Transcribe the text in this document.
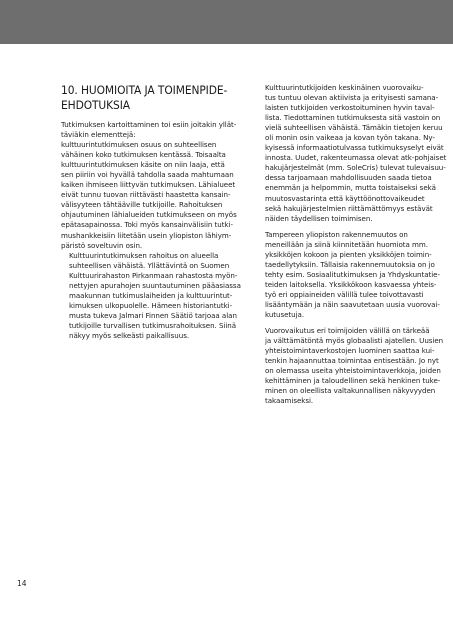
10. HUOMIOITA JA TOIMENPIDE-
EHDOTUKSIA

Tutkimuksen kartoittaminen toi esiin joitakin yllät-
täviäkin elementtejä:

kulttuurintutkimuksen osuus on suhteellisen
vähäinen koko tutkimuksen kentässä. Toisaalta
kulttuurintutkimuksen käsite on niin laaja, että
sen piiriin voi hyvällä tahdolla saada mahtumaan
kaiken ihmiseen liittyvän tutkimuksen. Lähialueet
eivät tunnu tuovan riittävästi haastetta kansain-
välisyyteen tähtääville tutkijoille. Rahoituksen
ohjautuminen lähialueiden tutkimukseen on myös
epätasapainossa. Toki myös kansainvälisiin tutki-
mushankkeisiin liitetään usein yliopiston lähiym-
päristö soveltuvin osin.

Kulttuurintutkimuksen rahoitus on alueella
suhteellisen vähäistä. Yllättävintä on Suomen
Kulttuurirahaston Pirkanmaan rahastosta myön-
nettyjen apurahojen suuntautuminen pääasiassa
maakunnan tutkimuslaiheiden ja kulttuurintut-
kimuksen ulkopuolelle. Hämeen historiantutki-
musta tukeva Jalmari Finnen Säätiö tarjoaa alan
tutkijoille turvallisen tutkimusrahoituksen. Siinä
näkyy myös selkeästi paikallisuus.

Kulttuurintutkijoiden keskinäinen vuorovaiku-
tus tuntuu olevan aktiivista ja erityisesti samana-
laisten tutkijoiden verkostoituminen hyvin taval-
lista. Tiedottaminen tutkimuksesta sitä vastoin on
vielä suhteellisen vähäistä. Tämäkin tietojen keruu
oli monin osin vaikeaa ja kovan työn takana. Ny-
kyisessä informaatiotulvassa tutkimuksyselyt eivät
innosta. Uudet, rakenteumassa olevat atk-pohjaiset
hakujärjestelmät (mm. SoleCris) tulevat tulevaisuu-
dessa tarjoamaan mahdollisuuden saada tietoa
enemmän ja helpommin, mutta toistaiseksi sekä
muutosvastarinta että käyttöönottovaikeudet
sekä hakujärjestelmien riittämättömyys estävät
näiden täydellisen toimimisen.

Tampereen yliopiston rakennemuutos on
meneillään ja siinä kiinnitetään huomiota mm.
yksikköjen kokoon ja pienten yksikköjen toimin-
taedellytyksiin. Tällaisia rakennemuutoksia on jo
tehty esim. Sosiaalitutkimuksen ja Yhdyskuntatie-
teiden laitoksella. Yksikkökoon kasvaessa yhteis-
työ eri oppiaineiden välillä tulee toivottavasti
lisääntymään ja näin saavutetaan uusia vuorovai-
kutusetuja.

Vuorovaikutus eri toimijoiden välillä on tärkeää
ja välttämätöntä myös globaalisti ajatellen. Uusien
yhteistoimintaverkostojen luominen saattaa kui-
tenkin hajaannuttaa toimintaa entisestään. Jo nyt
on olemassa useita yhteistoimintaverkkoja, joiden
kehittäminen ja taloudellinen sekä henkinen tuke-
minen on oleellista valtakunnallisen näkyvyyden
takaamiseksi.

14
